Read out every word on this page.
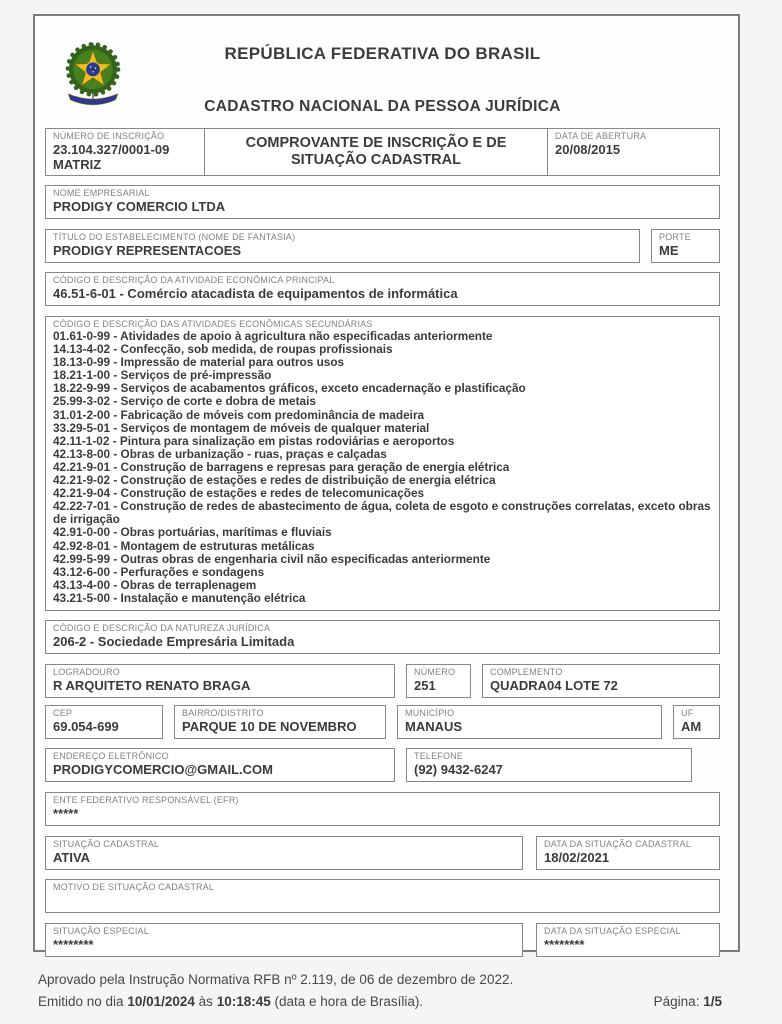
REPÚBLICA FEDERATIVA DO BRASIL
CADASTRO NACIONAL DA PESSOA JURÍDICA
NÚMERO DE INSCRIÇÃO
23.104.327/0001-09
MATRIZ
COMPROVANTE DE INSCRIÇÃO E DE SITUAÇÃO CADASTRAL
DATA DE ABERTURA
20/08/2015
NOME EMPRESARIAL
PRODIGY COMERCIO LTDA
TÍTULO DO ESTABELECIMENTO (NOME DE FANTASIA)
PRODIGY REPRESENTACOES
PORTE
ME
CÓDIGO E DESCRIÇÃO DA ATIVIDADE ECONÔMICA PRINCIPAL
46.51-6-01 - Comércio atacadista de equipamentos de informática
CÓDIGO E DESCRIÇÃO DAS ATIVIDADES ECONÔMICAS SECUNDÁRIAS
01.61-0-99 - Atividades de apoio à agricultura não especificadas anteriormente
14.13-4-02 - Confecção, sob medida, de roupas profissionais
18.13-0-99 - Impressão de material para outros usos
18.21-1-00 - Serviços de pré-impressão
18.22-9-99 - Serviços de acabamentos gráficos, exceto encadernação e plastificação
25.99-3-02 - Serviço de corte e dobra de metais
31.01-2-00 - Fabricação de móveis com predominância de madeira
33.29-5-01 - Serviços de montagem de móveis de qualquer material
42.11-1-02 - Pintura para sinalização em pistas rodoviárias e aeroportos
42.13-8-00 - Obras de urbanização - ruas, praças e calçadas
42.21-9-01 - Construção de barragens e represas para geração de energia elétrica
42.21-9-02 - Construção de estações e redes de distribuição de energia elétrica
42.21-9-04 - Construção de estações e redes de telecomunicações
42.22-7-01 - Construção de redes de abastecimento de água, coleta de esgoto e construções correlatas, exceto obras de irrigação
42.91-0-00 - Obras portuárias, marítimas e fluviais
42.92-8-01 - Montagem de estruturas metálicas
42.99-5-99 - Outras obras de engenharia civil não especificadas anteriormente
43.12-6-00 - Perfurações e sondagens
43.13-4-00 - Obras de terraplenagem
43.21-5-00 - Instalação e manutenção elétrica
CÓDIGO E DESCRIÇÃO DA NATUREZA JURÍDICA
206-2 - Sociedade Empresária Limitada
LOGRADOURO
R ARQUITETO RENATO BRAGA
NÚMERO
251
COMPLEMENTO
QUADRA04 LOTE 72
CEP
69.054-699
BAIRRO/DISTRITO
PARQUE 10 DE NOVEMBRO
MUNICÍPIO
MANAUS
UF
AM
ENDEREÇO ELETRÔNICO
PRODIGYCOMERCIO@GMAIL.COM
TELEFONE
(92) 9432-6247
ENTE FEDERATIVO RESPONSÁVEL (EFR)
*****
SITUAÇÃO CADASTRAL
ATIVA
DATA DA SITUAÇÃO CADASTRAL
18/02/2021
MOTIVO DE SITUAÇÃO CADASTRAL
SITUAÇÃO ESPECIAL
********
DATA DA SITUAÇÃO ESPECIAL
********
Aprovado pela Instrução Normativa RFB nº 2.119, de 06 de dezembro de 2022.
Emitido no dia 10/01/2024 às 10:18:45 (data e hora de Brasília).	Página: 1/5
